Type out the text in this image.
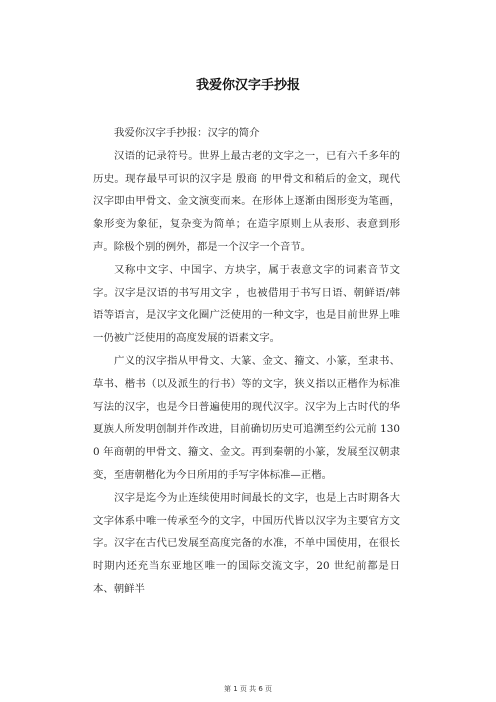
我爱你汉字手抄报

我爱你汉字手抄报：汉字的简介

汉语的记录符号。世界上最古老的文字之一，已有六千多年的历史。现存最早可识的汉字是 殷商 的甲骨文和稍后的金文，现代汉字即由甲骨文、金文演变而来。在形体上逐渐由图形变为笔画，象形变为象征，复杂变为简单；在造字原则上从表形、表意到形声。除极个别的例外，都是一个汉字一个音节。

又称中文字、中国字、方块字，属于表意文字的词素音节文字。汉字是汉语的书写用文字 ，也被借用于书写日语、朝鲜语/韩语等语言，是汉字文化圈广泛使用的一种文字，也是目前世界上唯一仍被广泛使用的高度发展的语素文字。

广义的汉字指从甲骨文、大篆、金文、籀文、小篆，至隶书、草书、楷书（以及派生的行书）等的文字，狭义指以正楷作为标准写法的汉字，也是今日普遍使用的现代汉字。汉字为上古时代的华夏族人所发明创制并作改进，目前确切历史可追溯至约公元前 1300 年商朝的甲骨文、籀文、金文。再到秦朝的小篆，发展至汉朝隶变，至唐朝楷化为今日所用的手写字体标准—正楷。

汉字是迄今为止连续使用时间最长的文字，也是上古时期各大文字体系中唯一传承至今的文字，中国历代皆以汉字为主要官方文字。汉字在古代已发展至高度完备的水准，不单中国使用，在很长时期内还充当东亚地区唯一的国际交流文字，20 世纪前都是日本、朝鲜半

第 1 页 共 6 页
